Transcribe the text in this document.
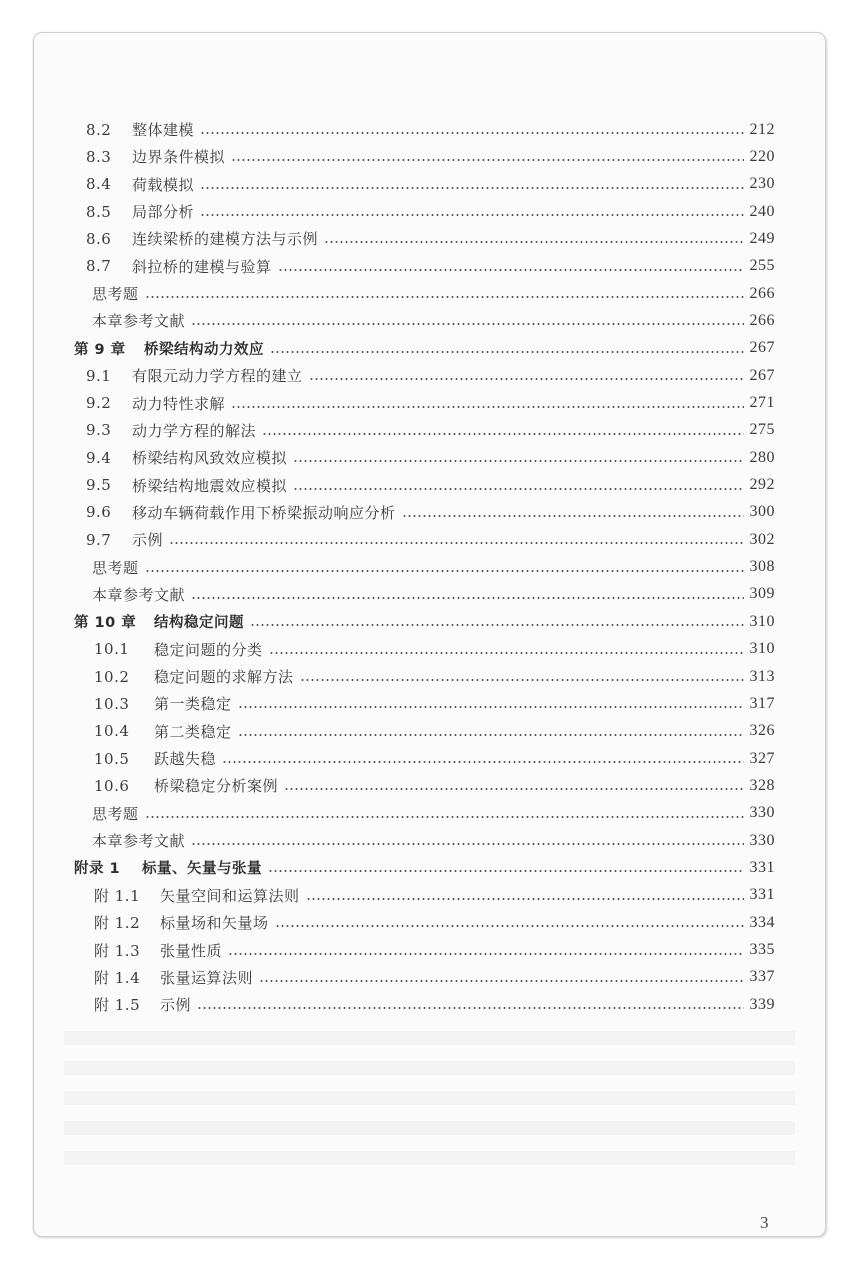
8.2 整体建模	212
8.3 边界条件模拟	220
8.4 荷载模拟	230
8.5 局部分析	240
8.6 连续梁桥的建模方法与示例	249
8.7 斜拉桥的建模与验算	255
思考题	266
本章参考文献	266
第 9 章 桥梁结构动力效应	267
9.1 有限元动力学方程的建立	267
9.2 动力特性求解	271
9.3 动力学方程的解法	275
9.4 桥梁结构风致效应模拟	280
9.5 桥梁结构地震效应模拟	292
9.6 移动车辆荷载作用下桥梁振动响应分析	300
9.7 示例	302
思考题	308
本章参考文献	309
第 10 章 结构稳定问题	310
10.1 稳定问题的分类	310
10.2 稳定问题的求解方法	313
10.3 第一类稳定	317
10.4 第二类稳定	326
10.5 跃越失稳	327
10.6 桥梁稳定分析案例	328
思考题	330
本章参考文献	330
附录 1 标量、矢量与张量	331
附 1.1 矢量空间和运算法则	331
附 1.2 标量场和矢量场	334
附 1.3 张量性质	335
附 1.4 张量运算法则	337
附 1.5 示例	339
3
